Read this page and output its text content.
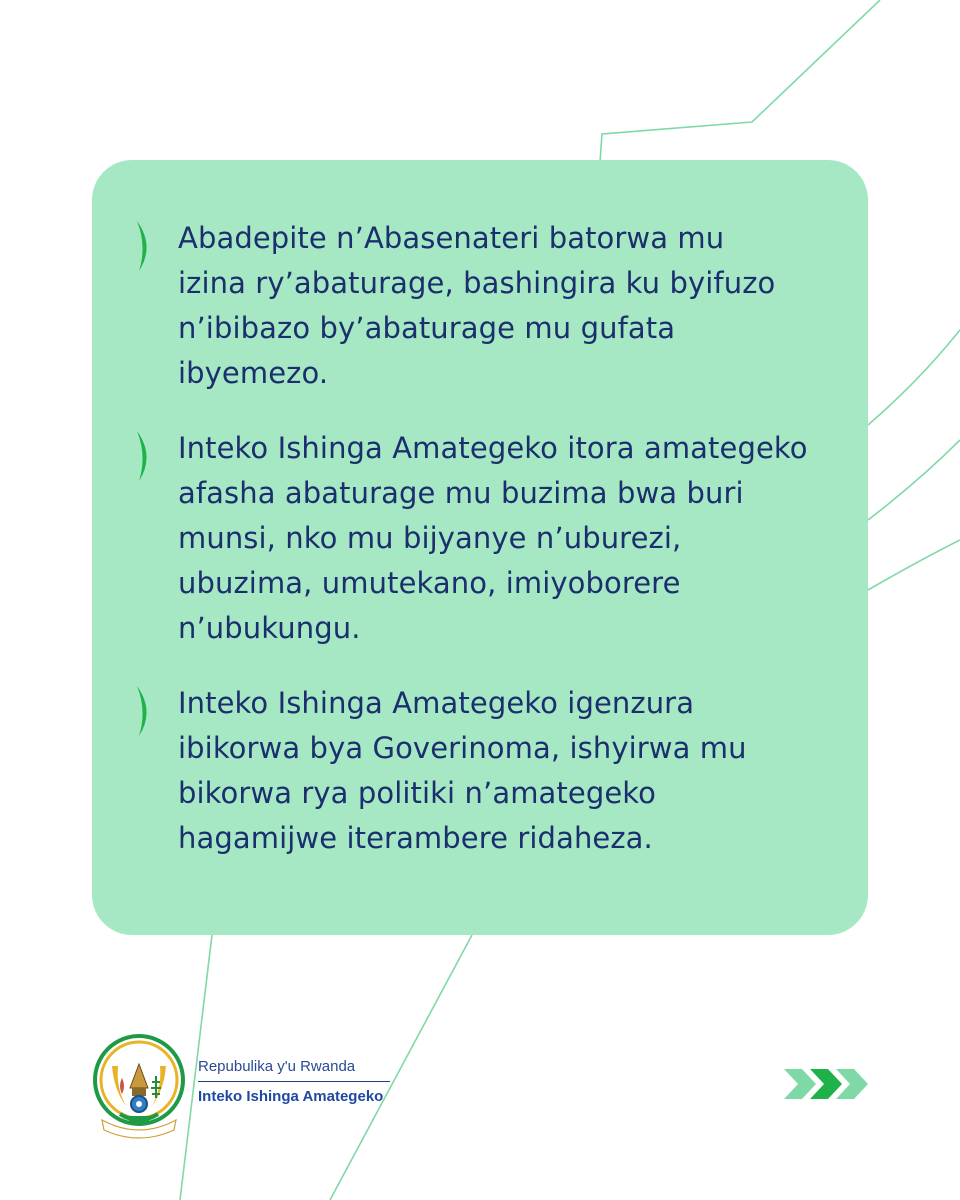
Abadepite n’Abasenateri batorwa mu
izina ry’abaturage, bashingira ku byifuzo
n’ibibazo by’abaturage mu gufata
ibyemezo.

Inteko Ishinga Amategeko itora amategeko
afasha abaturage mu buzima bwa buri
munsi, nko mu bijyanye n’uburezi,
ubuzima, umutekano, imiyoborere
n’ubukungu.

Inteko Ishinga Amategeko igenzura
ibikorwa bya Goverinoma, ishyirwa mu
bikorwa rya politiki n’amategeko
hagamijwe iterambere ridaheza.

Repubulika y'u Rwanda
Inteko Ishinga Amategeko
